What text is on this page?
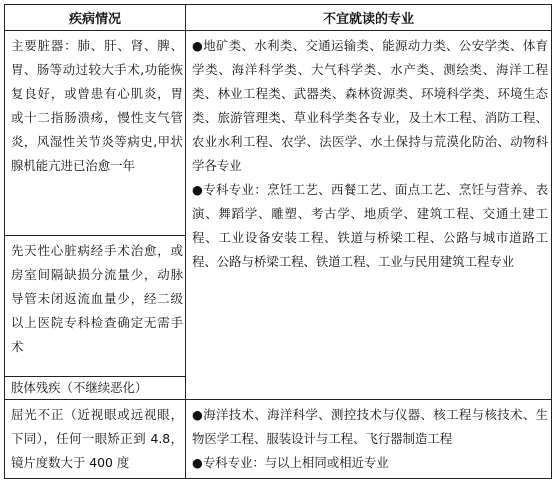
疾病情况	不宜就读的专业
主要脏器：肺、肝、肾、脾、胃、肠等动过较大手术,功能恢复良好，或曾患有心肌炎，胃或十二指肠溃疡，慢性支气管炎，风湿性关节炎等病史,甲状腺机能亢进已治愈一年	●地矿类、水利类、交通运输类、能源动力类、公安学类、体育学类、海洋科学类、大气科学类、水产类、测绘类、海洋工程类、林业工程类、武器类、森林资源类、环境科学类、环境生态类、旅游管理类、草业科学类各专业，及土木工程、消防工程、农业水利工程、农学、法医学、水土保持与荒漠化防治、动物科学各专业
●专科专业：烹饪工艺、西餐工艺、面点工艺、烹饪与营养、表演、舞蹈学、雕塑、考古学、地质学、建筑工程、交通土建工程、工业设备安装工程、铁道与桥梁工程、公路与城市道路工程、公路与桥梁工程、铁道工程、工业与民用建筑工程专业

先天性心脏病经手术治愈，或房室间隔缺损分流量少，动脉导管未闭返流血量少，经二级以上医院专科检查确定无需手术	
肢体残疾（不继续恶化）	
屈光不正（近视眼或远视眼，下同），任何一眼矫正到 4.8，镜片度数大于 400 度	●海洋技术、海洋科学、测控技术与仪器、核工程与核技术、生物医学工程、服装设计与工程、飞行器制造工程
●专科专业：与以上相同或相近专业
